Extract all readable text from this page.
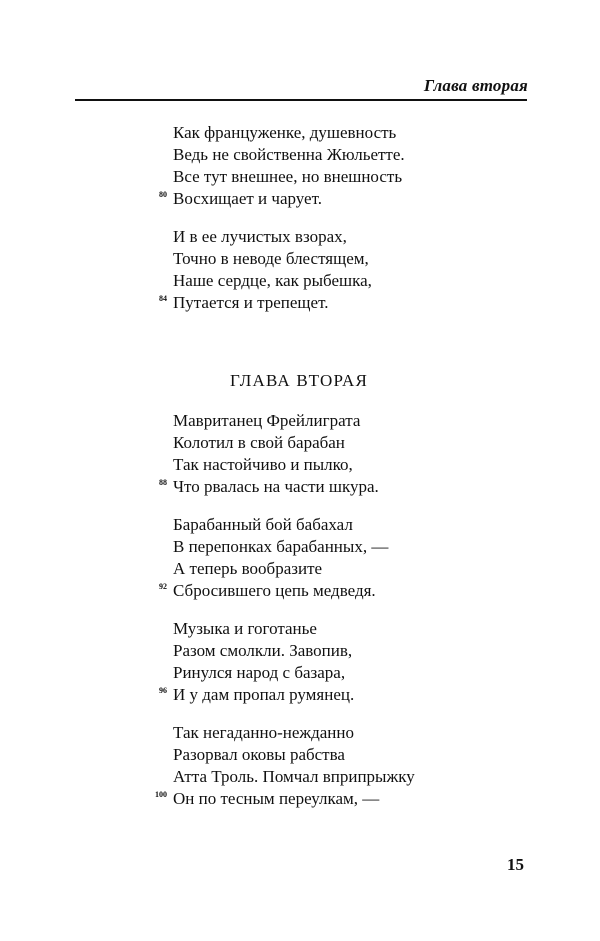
Глава вторая
Как француженке, душевность
Ведь не свойственна Жюльетте.
Все тут внешнее, но внешность
80 Восхищает и чарует.
И в ее лучистых взорах,
Точно в неводе блестящем,
Наше сердце, как рыбешка,
84 Путается и трепещет.
ГЛАВА ВТОРАЯ
Мавританец Фрейлиграта
Колотил в свой барабан
Так настойчиво и пылко,
88 Что рвалась на части шкура.
Барабанный бой бабахал
В перепонках барабанных, —
А теперь вообразите
92 Сбросившего цепь медведя.
Музыка и гоготанье
Разом смолкли. Завопив,
Ринулся народ с базара,
96 И у дам пропал румянец.
Так негаданно-нежданно
Разорвал оковы рабства
Атта Троль. Помчал вприпрыжку
100 Он по тесным переулкам, —
15
